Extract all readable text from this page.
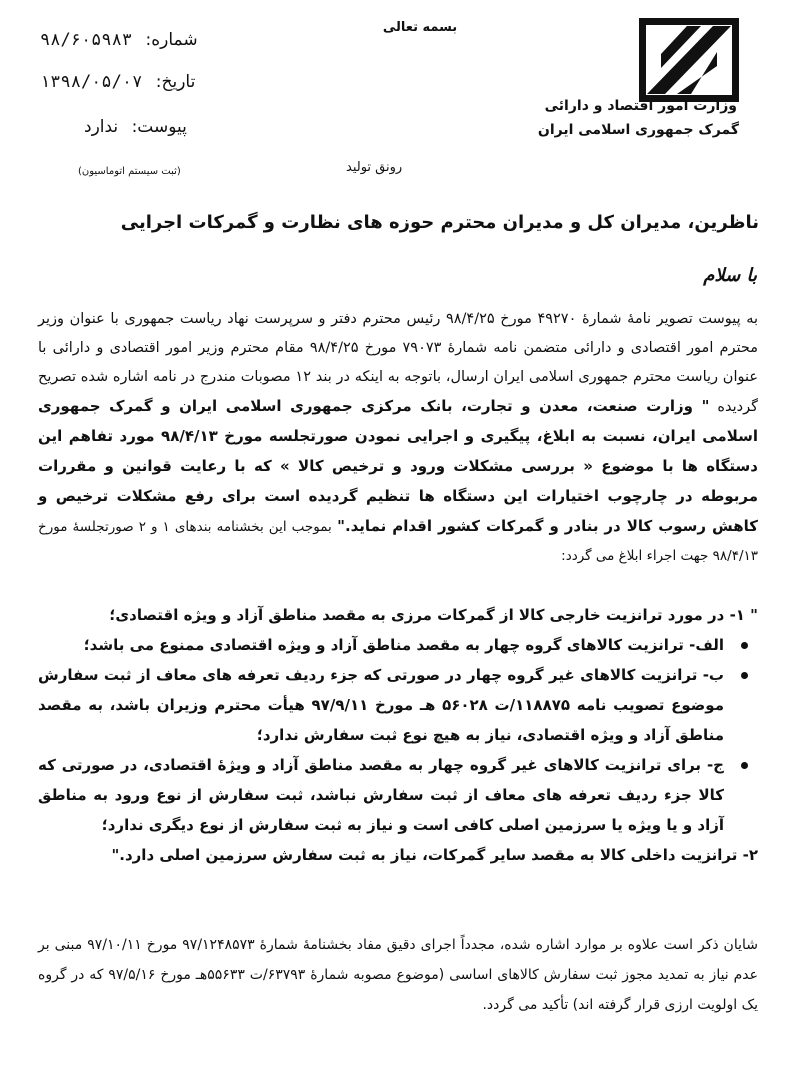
وزارت امور اقتصاد و دارائی
گمرک جمهوری اسلامی ایران
بسمه تعالی
شماره: ۹۸/۶۰۵۹۸۳
تاریخ: ۱۳۹۸/۰۵/۰۷
پیوست: ندارد
(ثبت سیستم اتوماسیون)	رونق تولید
ناظرین، مدیران کل و مدیران محترم حوزه های نظارت و گمرکات اجرایی
با سلام
به پیوست تصویر نامهٔ شمارهٔ ۴۹۲۷۰ مورخ ۹۸/۴/۲۵ رئیس محترم دفتر و سرپرست نهاد ریاست جمهوری با عنوان وزیر محترم امور اقتصادی و دارائی متضمن نامه شمارهٔ ۷۹۰۷۳ مورخ ۹۸/۴/۲۵ مقام محترم وزیر امور اقتصادی و دارائی با عنوان ریاست محترم جمهوری اسلامی ایران ارسال، باتوجه به اینکه در بند ۱۲ مصوبات مندرج در نامه اشاره شده تصریح گردیده " وزارت صنعت، معدن و تجارت، بانک مرکزی جمهوری اسلامی ایران و گمرک جمهوری اسلامی ایران، نسبت به ابلاغ، پیگیری و اجرایی نمودن صورتجلسه مورخ ۹۸/۴/۱۳ مورد تفاهم این دستگاه ها با موضوع « بررسی مشکلات ورود و ترخیص کالا » که با رعایت قوانین و مقررات مربوطه در چارچوب اختیارات این دستگاه ها تنظیم گردیده است برای رفع مشکلات ترخیص و کاهش رسوب کالا در بنادر و گمرکات کشور اقدام نماید." بموجب این بخشنامه بندهای ۱ و ۲ صورتجلسهٔ مورخ ۹۸/۴/۱۳ جهت اجراء ابلاغ می گردد:
" ۱- در مورد ترانزیت خارجی کالا از گمرکات مرزی به مقصد مناطق آزاد و ویژه اقتصادی؛
الف- ترانزیت کالاهای گروه چهار به مقصد مناطق آزاد و ویژه اقتصادی ممنوع می باشد؛
ب- ترانزیت کالاهای غیر گروه چهار در صورتی که جزء ردیف تعرفه های معاف از ثبت سفارش موضوع تصویب نامه ۱۱۸۸۷۵/ت ۵۶۰۲۸ هـ مورخ ۹۷/۹/۱۱ هیأت محترم وزیران باشد، به مقصد مناطق آزاد و ویژه اقتصادی، نیاز به هیچ نوع ثبت سفارش ندارد؛
ج- برای ترانزیت کالاهای غیر گروه چهار به مقصد مناطق آزاد و ویژهٔ اقتصادی، در صورتی که کالا جزء ردیف تعرفه های معاف از ثبت سفارش نباشد، ثبت سفارش از نوع ورود به مناطق آزاد و یا ویژه یا سرزمین اصلی کافی است و نیاز به ثبت سفارش از نوع دیگری ندارد؛
۲- ترانزیت داخلی کالا به مقصد سایر گمرکات، نیاز به ثبت سفارش سرزمین اصلی دارد."
شایان ذکر است علاوه بر موارد اشاره شده، مجدداً اجرای دقیق مفاد بخشنامهٔ شمارهٔ ۹۷/۱۲۴۸۵۷۳ مورخ ۹۷/۱۰/۱۱ مبنی بر عدم نیاز به تمدید مجوز ثبت سفارش کالاهای اساسی (موضوع مصوبه شمارهٔ ۶۳۷۹۳/ت ۵۵۶۳۳هـ مورخ ۹۷/۵/۱۶ که در گروه یک اولویت ارزی قرار گرفته اند) تأکید می گردد.
